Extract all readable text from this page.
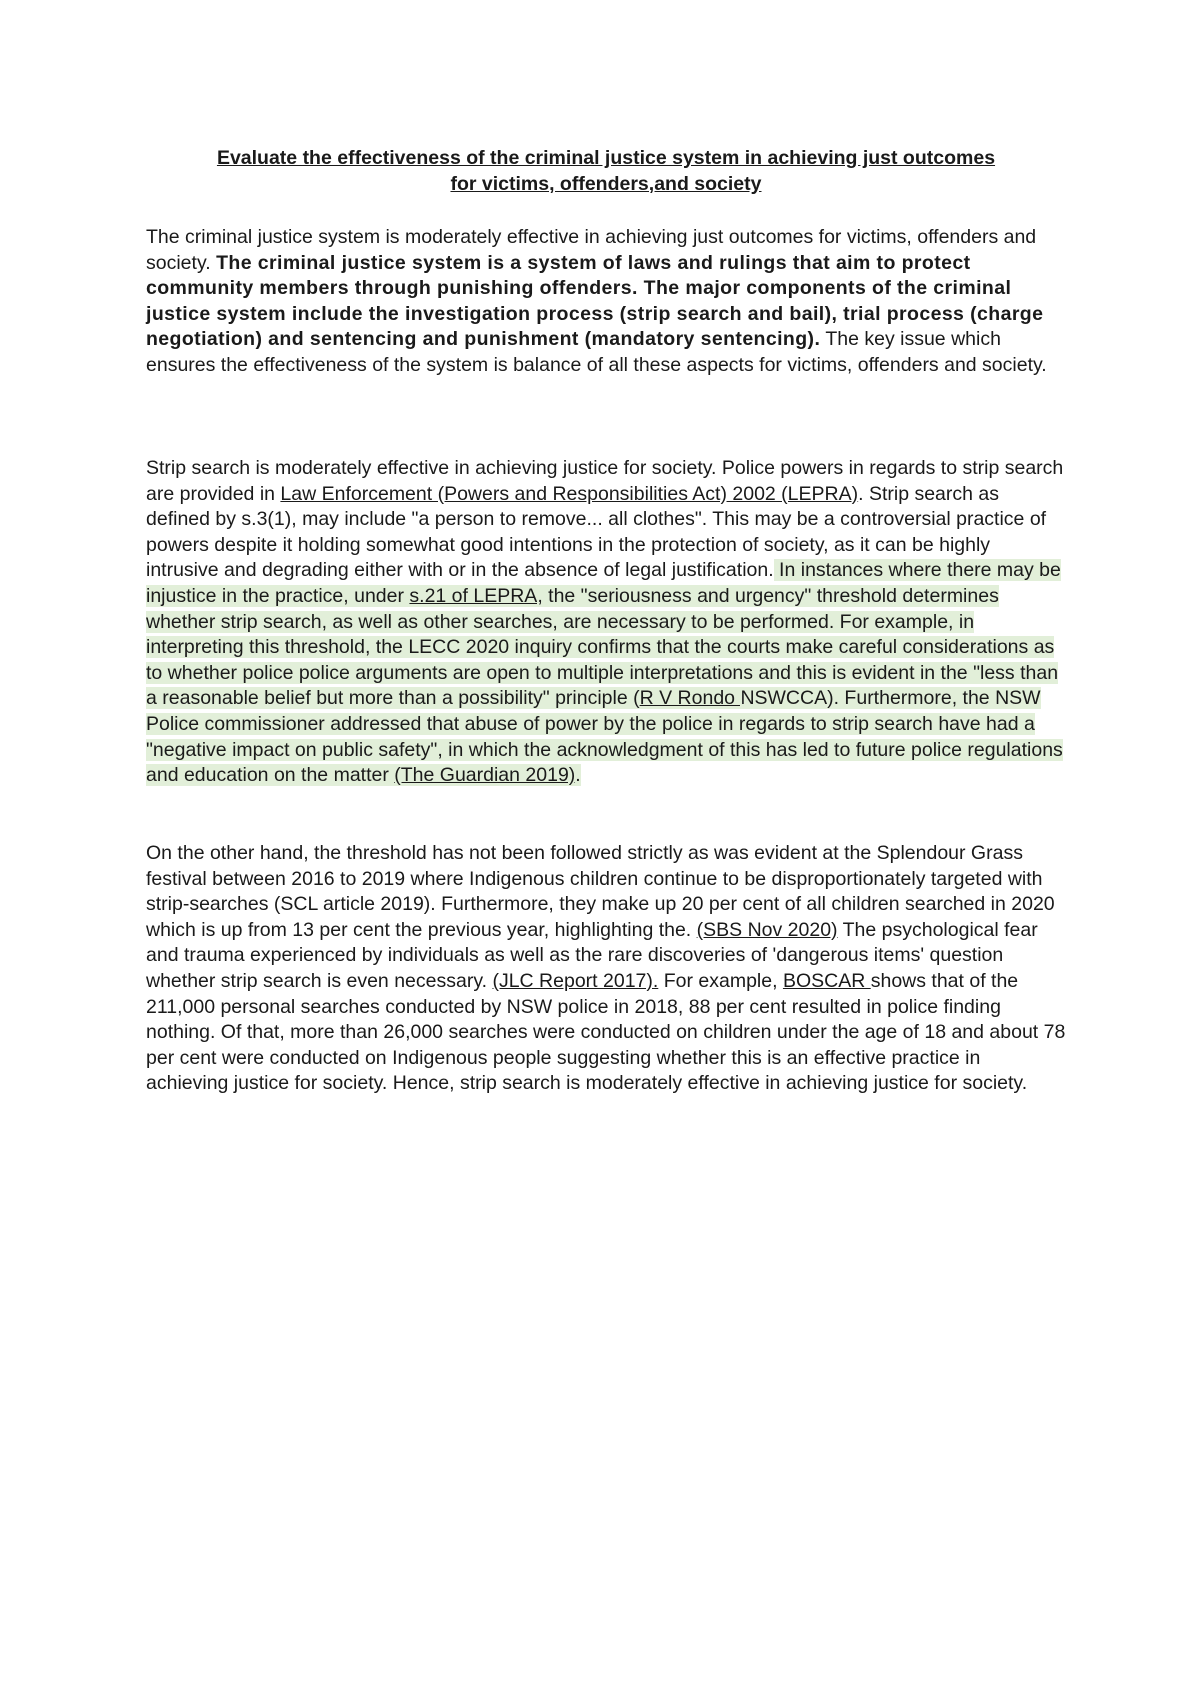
Evaluate the effectiveness of the criminal justice system in achieving just outcomes
for victims, offenders,and society

The criminal justice system is moderately effective in achieving just outcomes for victims, offenders and society. The criminal justice system is a system of laws and rulings that aim to protect community members through punishing offenders. The major components of the criminal justice system include the investigation process (strip search and bail), trial process (charge negotiation) and sentencing and punishment (mandatory sentencing). The key issue which ensures the effectiveness of the system is balance of all these aspects for victims, offenders and society.

Strip search is moderately effective in achieving justice for society. Police powers in regards to strip search are provided in Law Enforcement (Powers and Responsibilities Act) 2002 (LEPRA). Strip search as defined by s.3(1), may include "a person to remove... all clothes". This may be a controversial practice of powers despite it holding somewhat good intentions in the protection of society, as it can be highly intrusive and degrading either with or in the absence of legal justification. In instances where there may be injustice in the practice, under s.21 of LEPRA, the "seriousness and urgency" threshold determines whether strip search, as well as other searches, are necessary to be performed. For example, in interpreting this threshold, the LECC 2020 inquiry confirms that the courts make careful considerations as to whether police police arguments are open to multiple interpretations and this is evident in the "less than a reasonable belief but more than a possibility" principle (R V Rondo NSWCCA). Furthermore, the NSW Police commissioner addressed that abuse of power by the police in regards to strip search have had a "negative impact on public safety", in which the acknowledgment of this has led to future police regulations and education on the matter (The Guardian 2019).

On the other hand, the threshold has not been followed strictly as was evident at the Splendour Grass festival between 2016 to 2019 where Indigenous children continue to be disproportionately targeted with strip-searches (SCL article 2019). Furthermore, they make up 20 per cent of all children searched in 2020 which is up from 13 per cent the previous year, highlighting the. (SBS Nov 2020) The psychological fear and trauma experienced by individuals as well as the rare discoveries of 'dangerous items' question whether strip search is even necessary. (JLC Report 2017). For example, BOSCAR shows that of the 211,000 personal searches conducted by NSW police in 2018, 88 per cent resulted in police finding nothing. Of that, more than 26,000 searches were conducted on children under the age of 18 and about 78 per cent were conducted on Indigenous people suggesting whether this is an effective practice in achieving justice for society. Hence, strip search is moderately effective in achieving justice for society.
